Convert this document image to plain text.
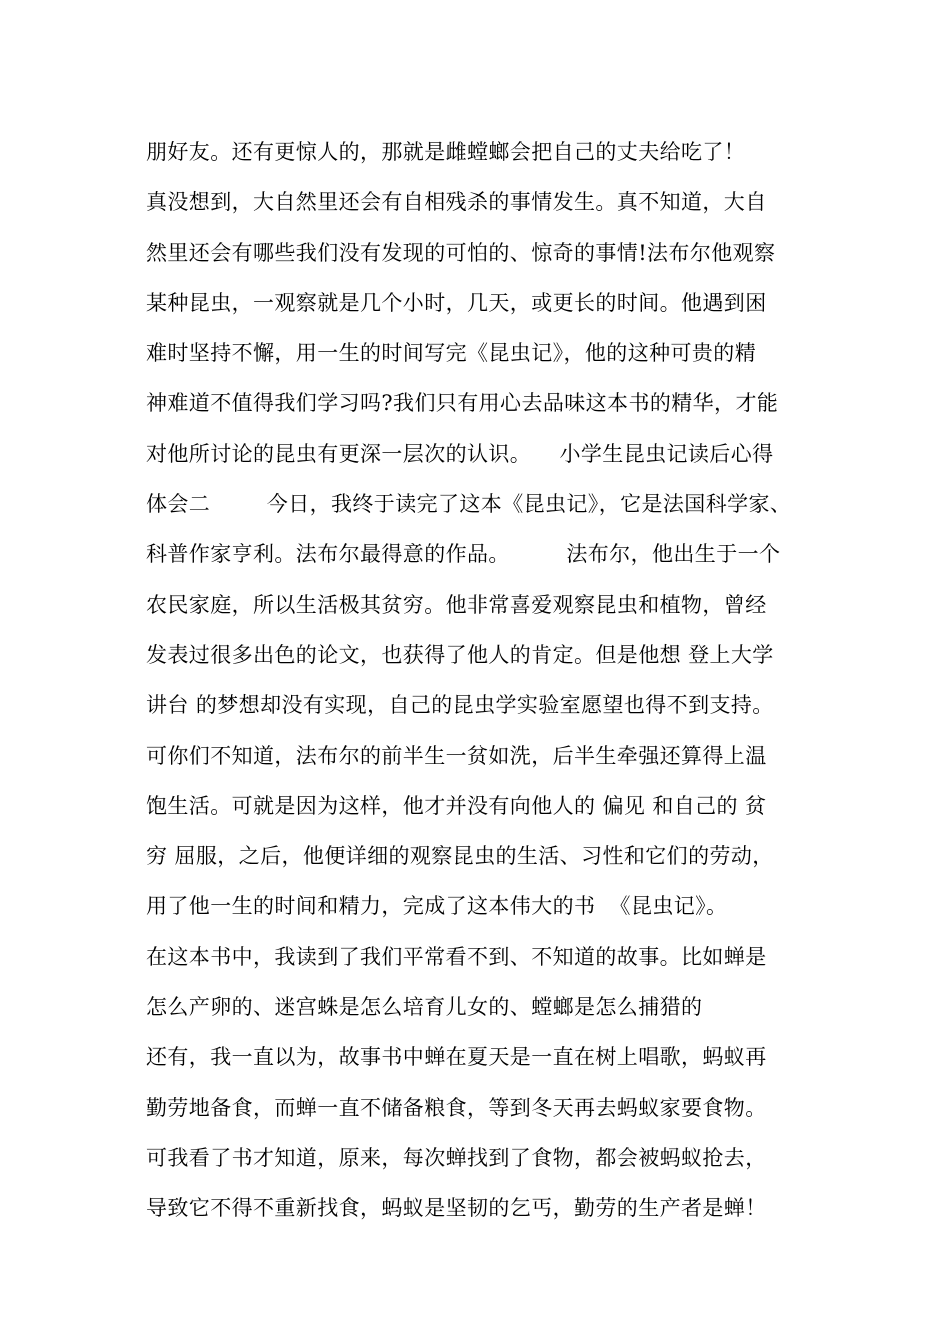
朋好友。还有更惊人的，那就是雌螳螂会把自己的丈夫给吃了！
真没想到，大自然里还会有自相残杀的事情发生。真不知道，大自
然里还会有哪些我们没有发现的可怕的、惊奇的事情!法布尔他观察
某种昆虫，一观察就是几个小时，几天，或更长的时间。他遇到困
难时坚持不懈，用一生的时间写完《昆虫记》，他的这种可贵的精
神难道不值得我们学习吗?我们只有用心去品味这本书的精华，才能
对他所讨论的昆虫有更深一层次的认识。    小学生昆虫记读后心得
体会二        今日，我终于读完了这本《昆虫记》，它是法国科学家、
科普作家亨利。法布尔最得意的作品。        法布尔，他出生于一个
农民家庭，所以生活极其贫穷。他非常喜爱观察昆虫和植物，曾经
发表过很多出色的论文，也获得了他人的肯定。但是他想 登上大学
讲台 的梦想却没有实现，自己的昆虫学实验室愿望也得不到支持。
可你们不知道，法布尔的前半生一贫如洗，后半生牵强还算得上温
饱生活。可就是因为这样，他才并没有向他人的 偏见 和自己的 贫
穷 屈服，之后，他便详细的观察昆虫的生活、习性和它们的劳动，
用了他一生的时间和精力，完成了这本伟大的书  《昆虫记》。
在这本书中，我读到了我们平常看不到、不知道的故事。比如蝉是
怎么产卵的、迷宫蛛是怎么培育儿女的、螳螂是怎么捕猎的
还有，我一直以为，故事书中蝉在夏天是一直在树上唱歌，蚂蚁再
勤劳地备食，而蝉一直不储备粮食，等到冬天再去蚂蚁家要食物。
可我看了书才知道，原来，每次蝉找到了食物，都会被蚂蚁抢去，
导致它不得不重新找食，蚂蚁是坚韧的乞丐，勤劳的生产者是蝉！
